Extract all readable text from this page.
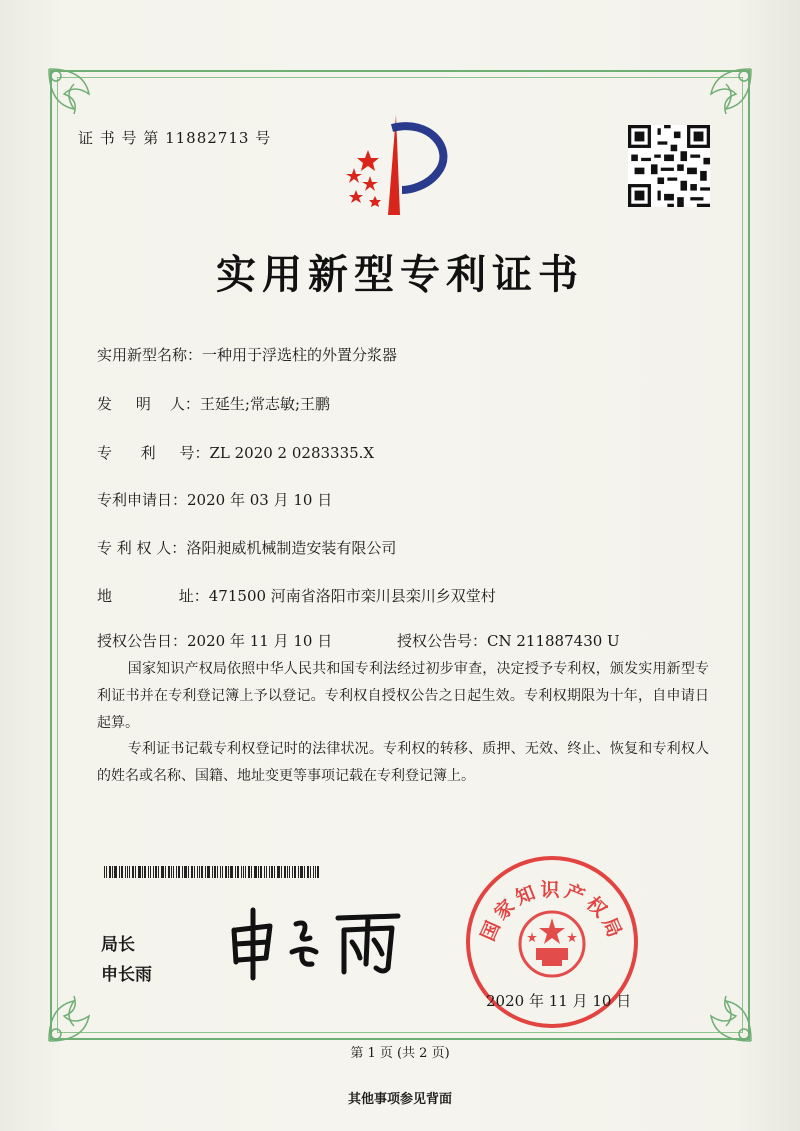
证 书 号 第 11882713 号
实用新型专利证书
实用新型名称：一种用于浮选柱的外置分浆器
发     明    人：王延生;常志敏;王鹏
专      利     号：ZL 2020 2 0283335.X
专利申请日：2020 年 03 月 10 日
专 利 权 人：洛阳昶威机械制造安装有限公司
地              址：471500 河南省洛阳市栾川县栾川乡双堂村
授权公告日：2020 年 11 月 10 日	授权公告号：CN 211887430 U
国家知识产权局依照中华人民共和国专利法经过初步审查，决定授予专利权，颁发实用新型专利证书并在专利登记簿上予以登记。专利权自授权公告之日起生效。专利权期限为十年，自申请日起算。
专利证书记载专利权登记时的法律状况。专利权的转移、质押、无效、终止、恢复和专利权人的姓名或名称、国籍、地址变更等事项记载在专利登记簿上。
局长
申长雨
国家知识产权局
2020 年 11 月 10 日
第 1 页 (共 2 页)
其他事项参见背面
